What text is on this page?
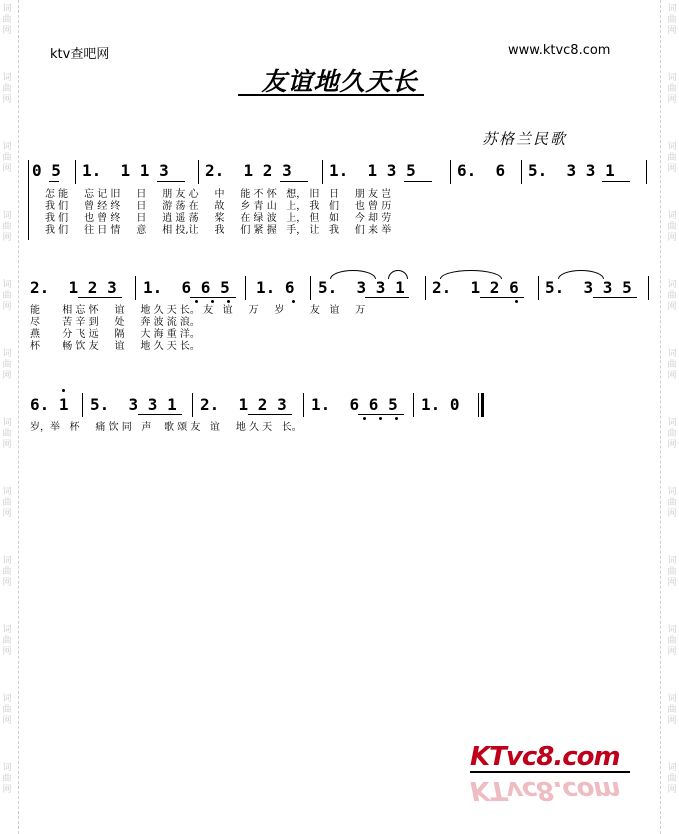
词
曲
网
词
曲
网
词
曲
网
词
曲
网
词
曲
网
词
曲
网
词
曲
网
词
曲
网
词
曲
网
词
曲
网
词
曲
网
词
曲
网
词
曲
网
词
曲
网
词
曲
网
词
曲
网
词
曲
网
词
曲
网
词
曲
网
词
曲
网
词
曲
网
词
曲
网
词
曲
网
词
曲
网
ktv查吧网	www.ktvc8.com
友谊地久天长
苏格兰民歌
0 5 1.  1 1 3 2.  1 2 3 1.  1 3 5	6.  6 5.  3 3 1
怎 能     忘 记 旧     日     朋 友 心     中     能 不 怀   想， 旧   日     朋 友 岂
我 们     曾 经 终     日     游 荡 在     故     乡 青 山   上， 我   们     也 曾 历
我 们     也 曾 终     日     逍 遥 荡     桨     在 绿 波   上， 但   如     今 却 劳
我 们     往 日 情     意     相 投,让     我     们 紧 握   手， 让   我     们 来 举
2.  1 2 3 1.  6 6 5 1. 6 5.  3 3 1 2.  1 2 6 5.  3 3 5
能       相 忘 怀     谊     地 久 天 长。 友   谊     万     岁        友   谊     万
尽       苦 辛 到     处     奔 波 流 浪。
燕       分 飞 远     隔     大 海 重 洋。
杯       畅 饮 友     谊     地 久 天 长。
6. 1 5.  3 3 1 2.  1 2 3 1.  6 6 5 1. 0
岁，举   杯     痛 饮 同   声    歌 颂 友   谊     地 久 天   长。
KTvc8.com
KTvc8.com
